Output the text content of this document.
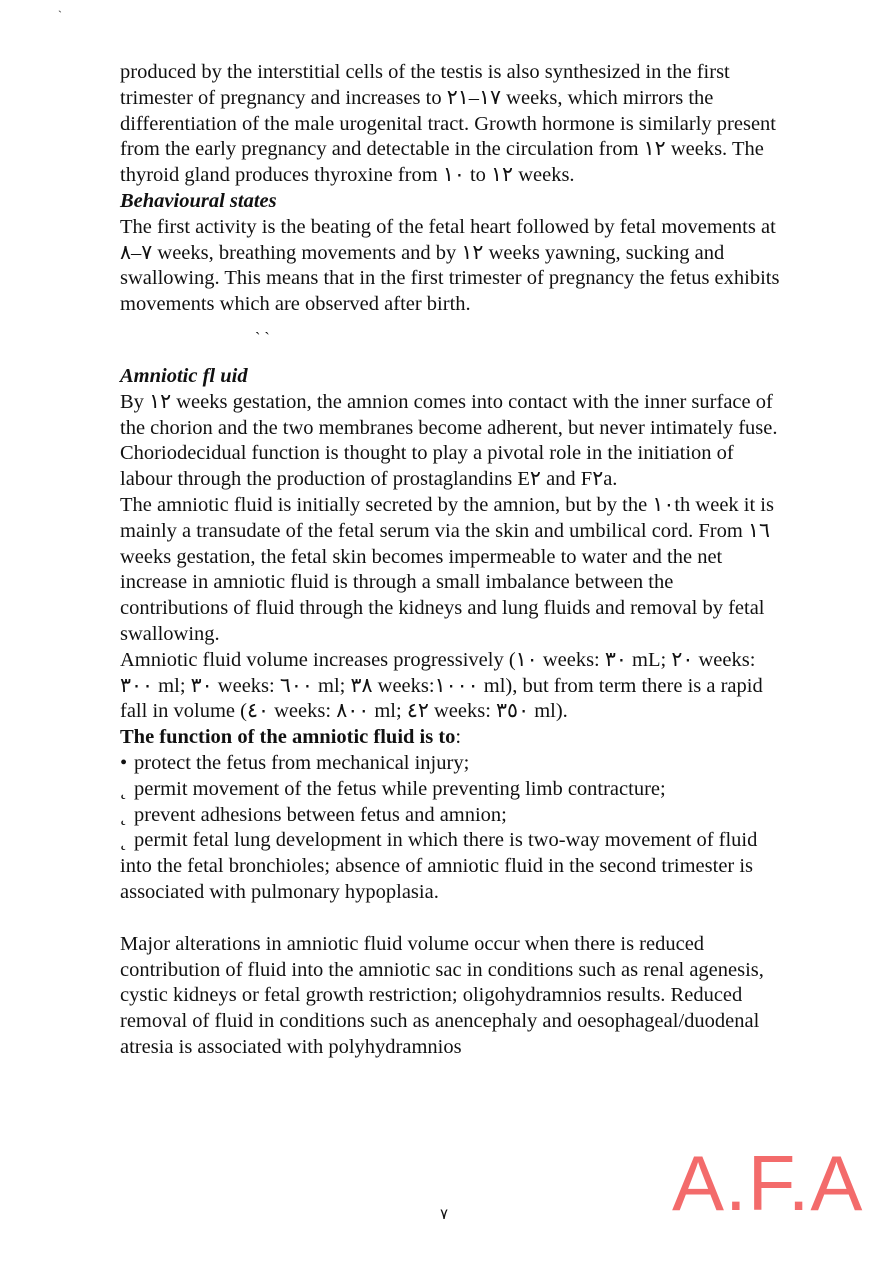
`

produced by the interstitial cells of the testis is also synthesized in the first trimester of pregnancy and increases to ١٧–٢١ weeks, which mirrors the differentiation of the male urogenital tract. Growth hormone is similarly present from the early pregnancy and detectable in the circulation from ١٢ weeks. The thyroid gland produces thyroxine from ١٠ to ١٢ weeks.

Behavioural states

The first activity is the beating of the fetal heart followed by fetal movements at ٧–٨ weeks, breathing movements and by ١٢ weeks yawning, sucking and swallowing. This means that in the first trimester of pregnancy the fetus exhibits movements which are observed after birth.

` `

Amniotic fl uid

By ١٢ weeks gestation, the amnion comes into contact with the inner surface of the chorion and the two membranes become adherent, but never intimately fuse. Choriodecidual function is thought to play a pivotal role in the initiation of labour through the production of prostaglandins E٢ and F٢a.

The amniotic fluid is initially secreted by the amnion, but by the ١٠th week it is mainly a transudate of the fetal serum via the skin and umbilical cord. From ١٦ weeks gestation, the fetal skin becomes impermeable to water and the net increase in amniotic fluid is through a small imbalance between the contributions of fluid through the kidneys and lung fluids and removal by fetal swallowing.

Amniotic fluid volume increases progressively (١٠ weeks: ٣٠ mL; ٢٠ weeks: ٣٠٠ ml; ٣٠ weeks: ٦٠٠ ml; ٣٨ weeks:١٠٠٠ ml), but from term there is a rapid fall in volume (٤٠ weeks: ٨٠٠ ml; ٤٢ weeks: ٣٥٠ ml).

The function of the amniotic fluid is to:

• protect the fetus from mechanical injury;
˛ permit movement of the fetus while preventing limb contracture;
˛ prevent adhesions between fetus and amnion;
˛ permit fetal lung development in which there is two-way movement of fluid into the fetal bronchioles; absence of amniotic fluid in the second trimester is associated with pulmonary hypoplasia.

Major alterations in amniotic fluid volume occur when there is reduced contribution of fluid into the amniotic sac in conditions such as renal agenesis, cystic kidneys or fetal growth restriction; oligohydramnios results. Reduced removal of fluid in conditions such as anencephaly and oesophageal/duodenal atresia is associated with polyhydramnios

٧	A.F.A
